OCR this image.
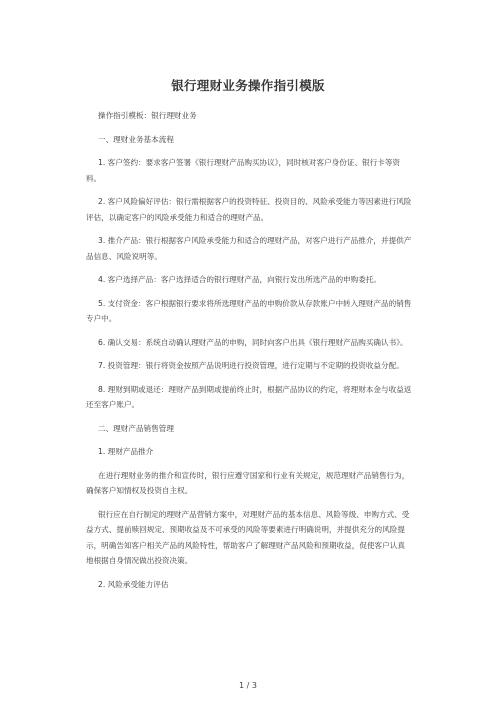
银行理财业务操作指引模版

操作指引模板：银行理财业务

一、理财业务基本流程

1. 客户签约：要求客户签署《银行理财产品购买协议》，同时核对客户身份证、银行卡等资料。

2. 客户风险偏好评估：银行需根据客户的投资特征、投资目的、风险承受能力等因素进行风险评估，以确定客户的风险承受能力和适合的理财产品。

3. 推介产品：银行根据客户风险承受能力和适合的理财产品，对客户进行产品推介，并提供产品信息、风险说明等。

4. 客户选择产品：客户选择适合的银行理财产品，向银行发出所选产品的申购委托。

5. 支付资金：客户根据银行要求将所选理财产品的申购价款从存款账户中转入理财产品的销售专户中。

6. 确认交易：系统自动确认理财产品的申购，同时向客户出具《银行理财产品购买确认书》。

7. 投资管理：银行将资金按照产品说明进行投资管理，进行定期与不定期的投资收益分配。

8. 理财到期或退还：理财产品到期或提前终止时，根据产品协议的约定，将理财本金与收益返还至客户账户。

二、理财产品销售管理

1. 理财产品推介

在进行理财业务的推介和宣传时，银行应遵守国家和行业有关规定，规范理财产品销售行为，确保客户知情权及投资自主权。

银行应在自行制定的理财产品营销方案中，对理财产品的基本信息、风险等级、申购方式、受益方式、提前赎回规定、预期收益及不可承受的风险等要素进行明确说明，并提供充分的风险提示，明确告知客户相关产品的风险特性，帮助客户了解理财产品风险和预期收益，促使客户认真地根据自身情况做出投资决策。

2. 风险承受能力评估

1 / 3
